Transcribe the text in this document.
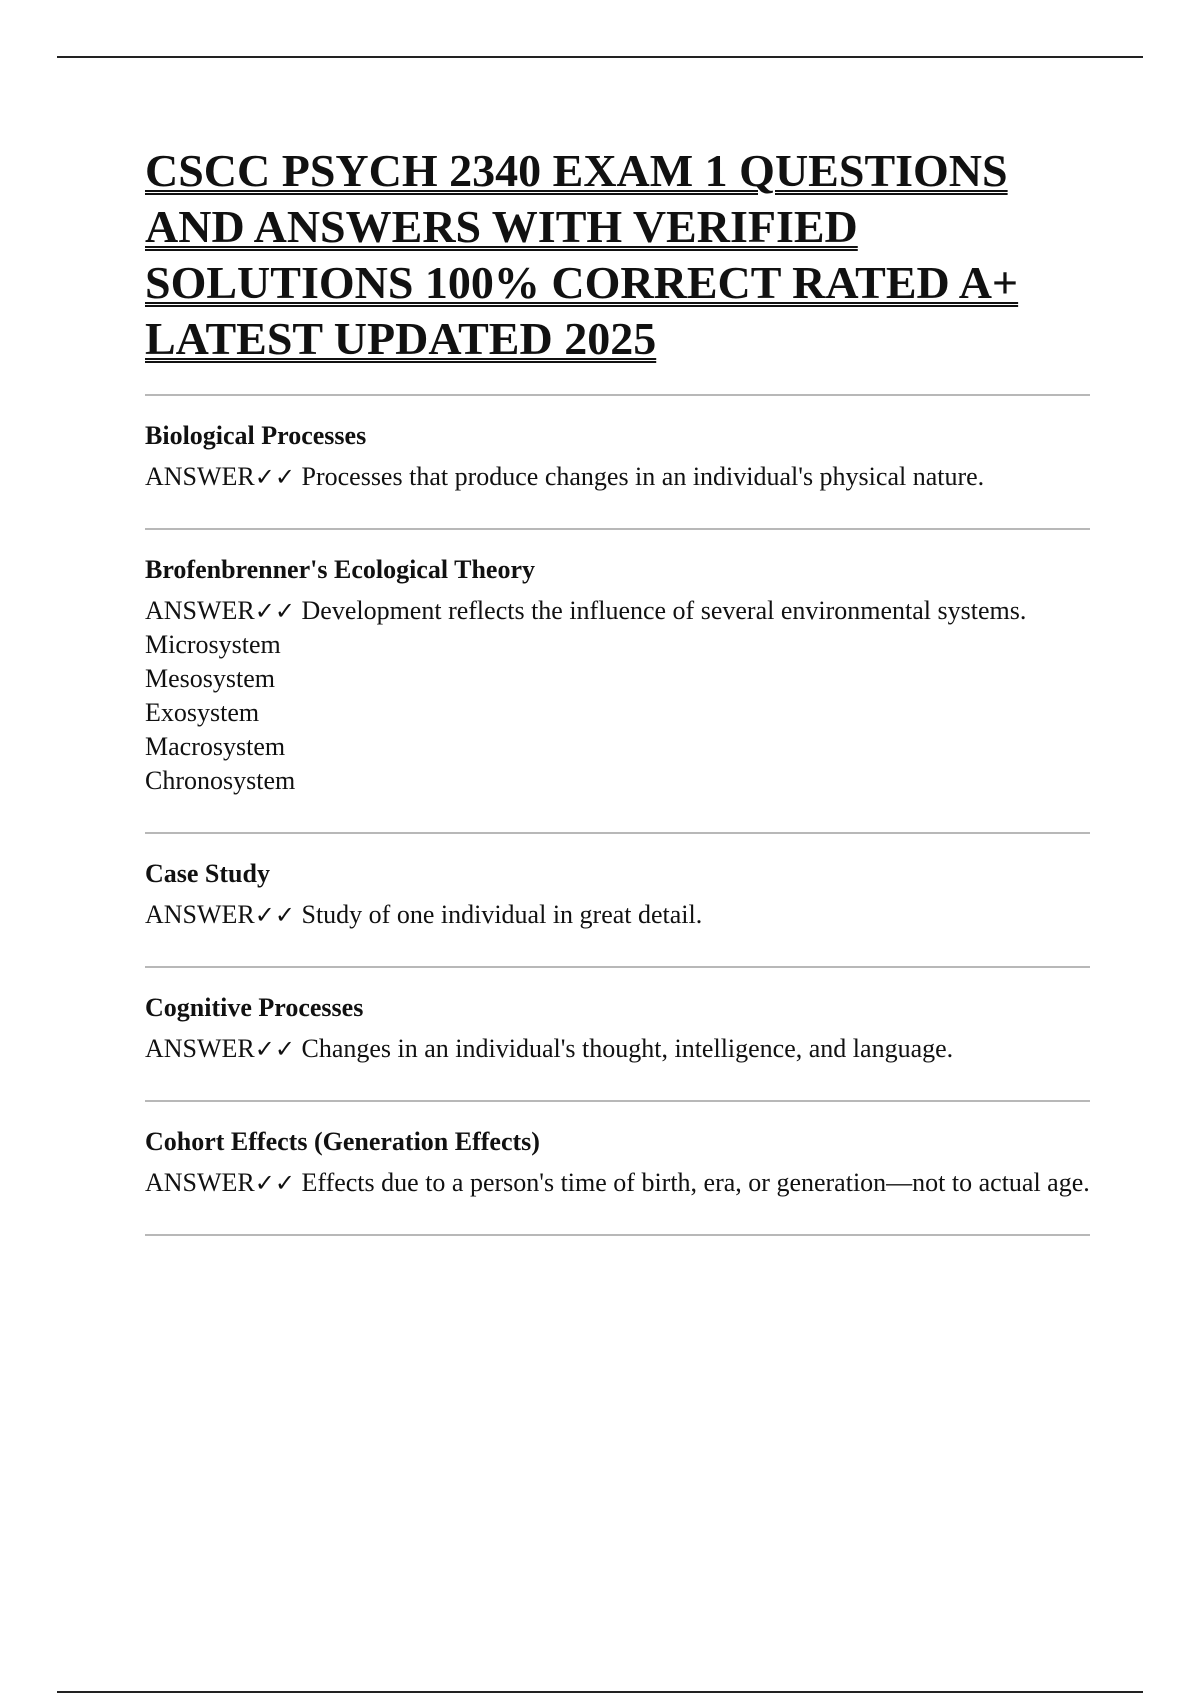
CSCC PSYCH 2340 EXAM 1 QUESTIONS AND ANSWERS WITH VERIFIED SOLUTIONS 100% CORRECT RATED A+ LATEST UPDATED 2025

Biological Processes

ANSWER✓✓ Processes that produce changes in an individual's physical nature.

Brofenbrenner's Ecological Theory

ANSWER✓✓ Development reflects the influence of several environmental systems.
Microsystem
Mesosystem
Exosystem
Macrosystem
Chronosystem

Case Study

ANSWER✓✓ Study of one individual in great detail.

Cognitive Processes

ANSWER✓✓ Changes in an individual's thought, intelligence, and language.

Cohort Effects (Generation Effects)

ANSWER✓✓ Effects due to a person's time of birth, era, or generation—not to actual age.
